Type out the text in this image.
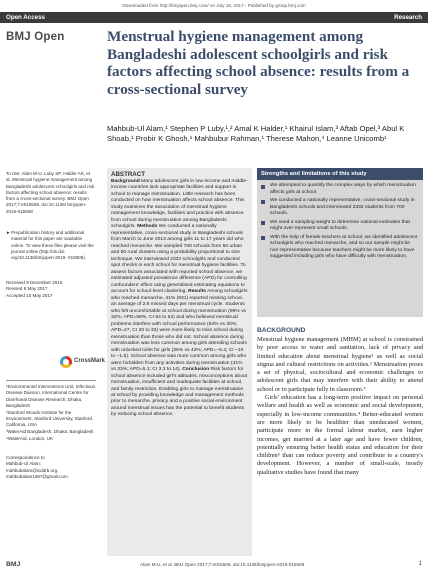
Downloaded from http://bmjopen.bmj.com/ on July 19, 2017 - Published by group.bmj.com
Open Access	Research
BMJ Open	Menstrual hygiene management among Bangladeshi adolescent schoolgirls and risk factors affecting school absence: results from a cross-sectional survey
Mahbub-Ul Alam,¹ Stephen P Luby,¹,² Amal K Halder,¹ Khairul Islam,³ Aftab Opel,³ Abul K Shoab,¹ Probir K Ghosh,¹ Mahbubur Rahman,¹ Therese Mahon,⁴ Leanne Unicomb¹
To cite: Alam M-U, Luby SP, Halder AK, et al. Menstrual hygiene management among Bangladeshi adolescent schoolgirls and risk factors affecting school absence: results from a cross-sectional survey. BMJ Open 2017;7:e015508. doi:10.1136/ bmjopen-2016-015508
► Prepublication history and additional material for this paper are available online. To view these files please visit the journal online (http://dx.doi. org/10.1136/bmjopen-2016- 015508).
Received 9 December 2016
Revised 8 May 2017
Accepted 10 May 2017
CrossMark

¹Environmental Interventions Unit, Infectious Disease Division, International Centre for Diarrhoeal Disease Research, Dhaka, Bangladesh

²Stanford Woods Institute for the Environment, Stanford University, Stanford, California, USA

³WaterAid Bangladesh, Dhaka, Bangladesh

⁴WaterAid, London, UK

Correspondence to
Mahbub-Ul Alam;
mahbubalam@icddrb.org,
mahbubalam1987@gmail.com
ABSTRACT
Background Many adolescent girls in low-income and middle-income countries lack appropriate facilities and support in school to manage menstruation. Little research has been conducted on how menstruation affects school absence. This study examines the association of menstrual hygiene management knowledge, facilities and practice with absence from school during menstruation among Bangladeshi schoolgirls. Methods We conducted a nationally representative, cross-sectional study in Bangladeshi schools from March to June 2013 among girls 11 to 17 years old who reached menarche. We sampled 700 schools from 50 urban and 50 rural clusters using a probability proportional to size technique. We interviewed 2332 schoolgirls and conducted spot checks in each school for menstrual hygiene facilities. To assess factors associated with reported school absence, we estimated adjusted prevalence difference (APD) for controlling confounders' effect using generalised estimating equations to account for school-level clustering. Results Among schoolgirls who reached menarche, 41% (931) reported missing school, an average of 2.8 missed days per menstrual cycle. Students who felt uncomfortable at school during menstruation (99% vs 32%; APD=58%, CI 54 to 63) and who believed menstrual problems interfere with school performance (64% vs 30%; APD=27, CI 20 to 33) were more likely to miss school during menstruation than those who did not. School absence during menstruation was less common among girls attending schools with unlocked toilet for girls (35% vs 43%; APD=−5.4; CI −10 to −1.6). School absence was more common among girls who were forbidden from any activities during menstruation (41% vs 33%; APD=5.1; CI 3.3 to 14). Conclusion Risk factors for school absence included girl's attitudes, misconceptions about menstruation, insufficient and inadequate facilities at school, and family restriction. Enabling girls to manage menstruation at school by providing knowledge and management methods prior to menarche, privacy and a positive social environment around menstrual issues has the potential to benefit students by reducing school absence.
Strengths and limitations of this study
We attempted to quantify the complex ways by which menstruation affects girls at school.
We conducted a nationally representative, cross-sectional study in Bangladeshi schools and interviewed 2332 students from 700 schools.
We used a sampling weight to determine national estimates that might over-represent small schools.
With the help of female teachers at school, we identified adolescent schoolgirls who reached menarche, and so our sample might be non-representative because teachers might be more likely to have suggested including girls who have difficulty with menstruation.
BACKGROUND

Menstrual hygiene management (MHM) at school is constrained by poor access to water and sanitation, lack of privacy and limited education about menstrual hygiene¹ as well as social stigma and cultural restrictions on activities.² Menstruation poses a set of physical, sociocultural and economic challenges to adolescent girls that may interfere with their ability to attend school or to participate fully in classroom.³

Girls' education has a long-term positive impact on personal welfare and health as well as economic and social development, especially in low-income communities.⁴ Better-educated women are more likely to be healthier than uneducated women, participate more in the formal labour market, earn higher incomes, get married at a later age and have fewer children, potentially ensuring better health status and education for their children⁵ than can reduce poverty and contribute to a country's development. However, a number of small-scale, mostly qualitative studies have found that many

BMJ	Alam M-U, et al. BMJ Open 2017;7:e015508. doi:10.1136/bmjopen-2016-015508	1
